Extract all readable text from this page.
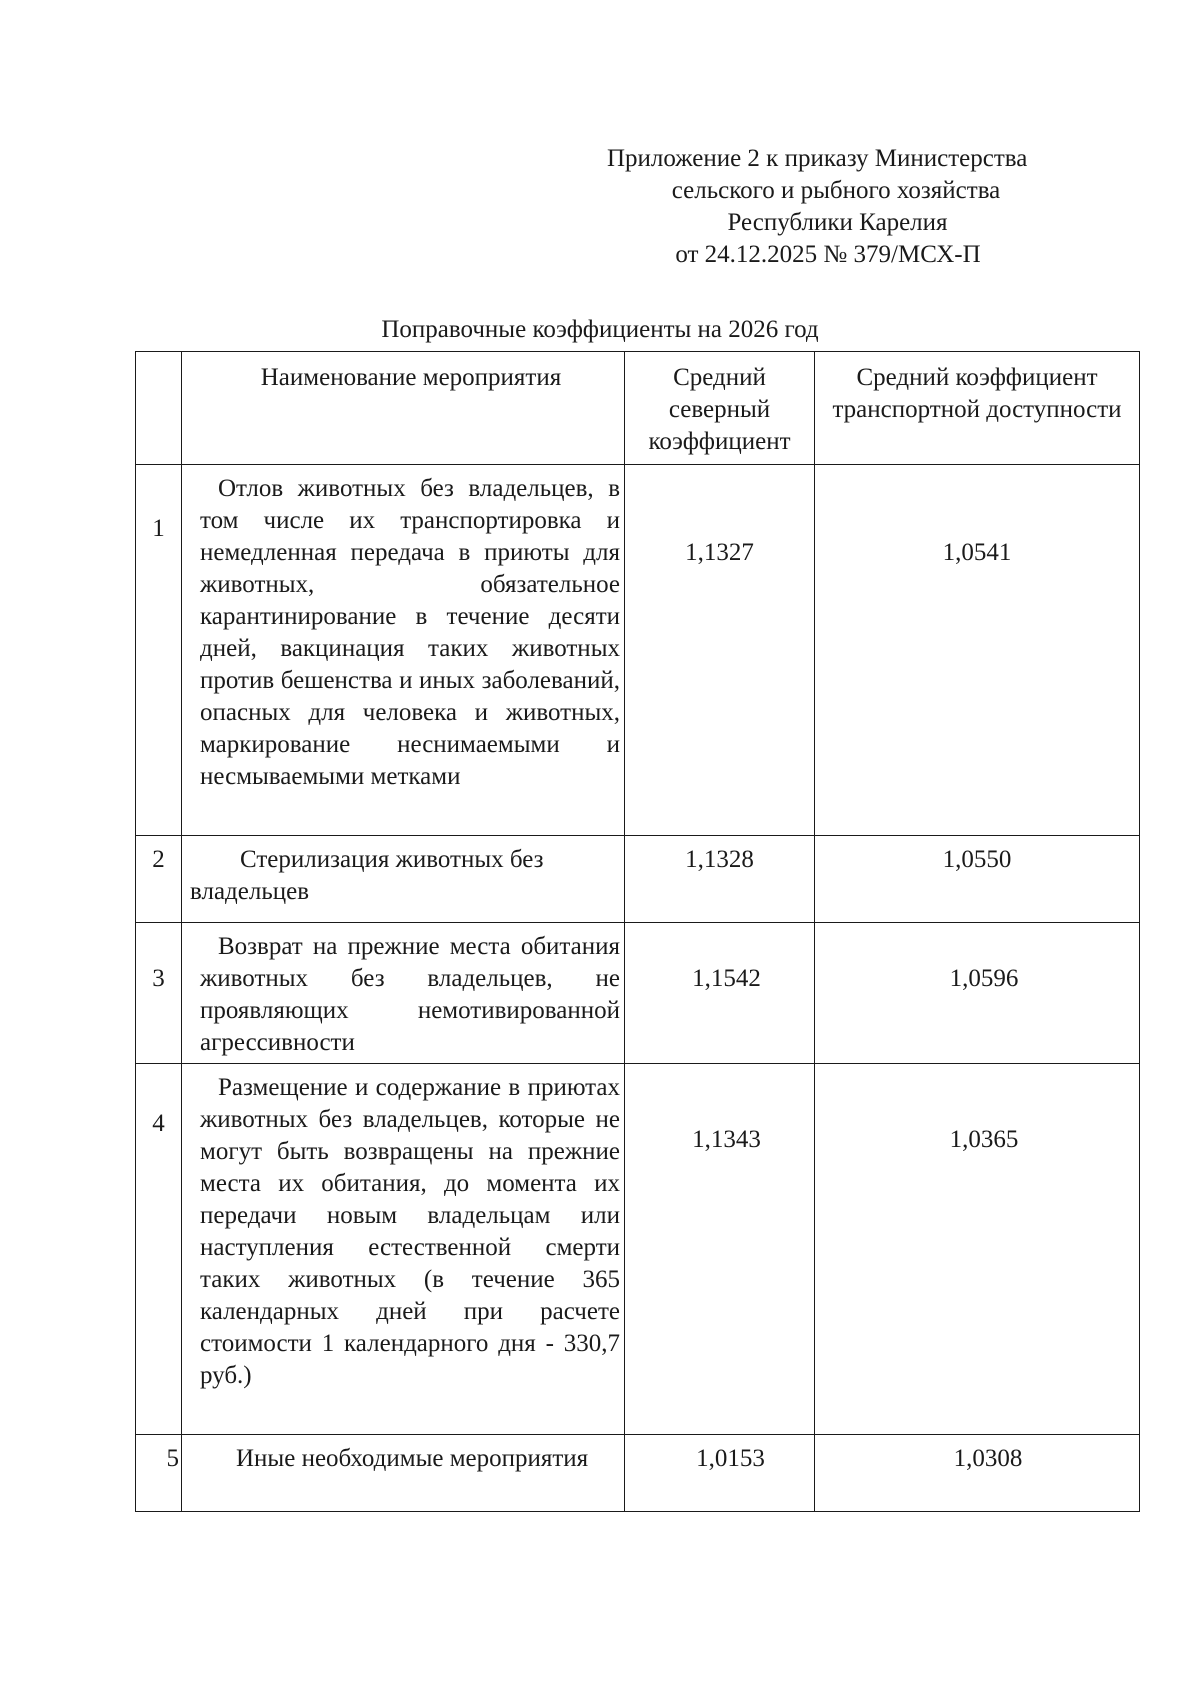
Приложение 2 к приказу Министерства
сельского и рыбного хозяйства
Республики Карелия
от 24.12.2025 № 379/МСХ-П
Поправочные коэффициенты на 2026 год

	Наименование мероприятия	Средний северный коэффициент	Средний коэффициент транспортной доступности

1	Отлов животных без владельцев, в том числе их транспортировка и немедленная передача в приюты для животных, обязательное карантинирование в течение десяти дней, вакцинация таких животных против бешенства и иных заболеваний, опасных для человека и животных, маркирование неснимаемыми и несмываемыми метками	1,1327	1,0541

2	Стерилизация животных без владельцев	1,1328	1,0550

3	Возврат на прежние места обитания животных без владельцев, не проявляющих немотивированной агрессивности	1,1542	1,0596

4	Размещение и содержание в приютах животных без владельцев, которые не могут быть возвращены на прежние места их обитания, до момента их передачи новым владельцам или наступления естественной смерти таких животных (в течение 365 календарных дней при расчете стоимости 1 календарного дня - 330,7 руб.)	1,1343	1,0365

5	Иные необходимые мероприятия	1,0153	1,0308
